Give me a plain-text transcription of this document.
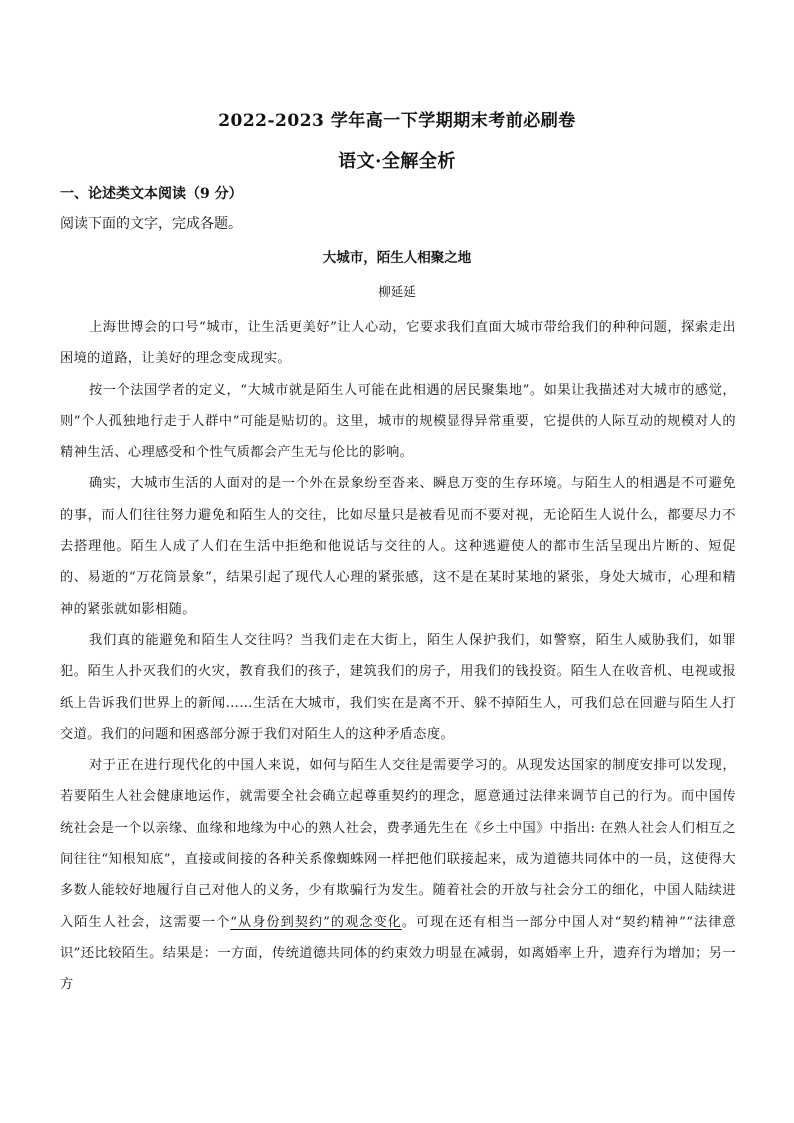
2022-2023 学年高一下学期期末考前必刷卷
语文·全解全析
一、论述类文本阅读（9 分）
阅读下面的文字，完成各题。
大城市，陌生人相聚之地
柳延延

上海世博会的口号“城市，让生活更美好”让人心动，它要求我们直面大城市带给我们的种种问题，探索走出困境的道路，让美好的理念变成现实。

按一个法国学者的定义，“大城市就是陌生人可能在此相遇的居民聚集地”。如果让我描述对大城市的感觉，则“个人孤独地行走于人群中”可能是贴切的。这里，城市的规模显得异常重要，它提供的人际互动的规模对人的精神生活、心理感受和个性气质都会产生无与伦比的影响。

确实，大城市生活的人面对的是一个外在景象纷至沓来、瞬息万变的生存环境。与陌生人的相遇是不可避免的事，而人们往往努力避免和陌生人的交往，比如尽量只是被看见而不要对视，无论陌生人说什么，都要尽力不去搭理他。陌生人成了人们在生活中拒绝和他说话与交往的人。这种逃避使人的都市生活呈现出片断的、短促的、易逝的“万花筒景象”，结果引起了现代人心理的紧张感，这不是在某时某地的紧张，身处大城市，心理和精神的紧张就如影相随。

我们真的能避免和陌生人交往吗？当我们走在大街上，陌生人保护我们，如警察，陌生人威胁我们，如罪犯。陌生人扑灭我们的火灾，教育我们的孩子，建筑我们的房子，用我们的钱投资。陌生人在收音机、电视或报纸上告诉我们世界上的新闻……生活在大城市，我们实在是离不开、躲不掉陌生人，可我们总在回避与陌生人打交道。我们的问题和困惑部分源于我们对陌生人的这种矛盾态度。

对于正在进行现代化的中国人来说，如何与陌生人交往是需要学习的。从现发达国家的制度安排可以发现，若要陌生人社会健康地运作，就需要全社会确立起尊重契约的理念，愿意通过法律来调节自己的行为。而中国传统社会是一个以亲缘、血缘和地缘为中心的熟人社会，费孝通先生在《乡土中国》中指出: 在熟人社会人们相互之间往往“知根知底”，直接或间接的各种关系像蜘蛛网一样把他们联接起来，成为道德共同体中的一员，这使得大多数人能较好地履行自己对他人的义务，少有欺骗行为发生。随着社会的开放与社会分工的细化，中国人陆续进入陌生人社会，这需要一个“从身份到契约”的观念变化。可现在还有相当一部分中国人对“契约精神”“法律意识”还比较陌生。结果是：一方面，传统道德共同体的约束效力明显在减弱，如离婚率上升，遗弃行为增加；另一方
